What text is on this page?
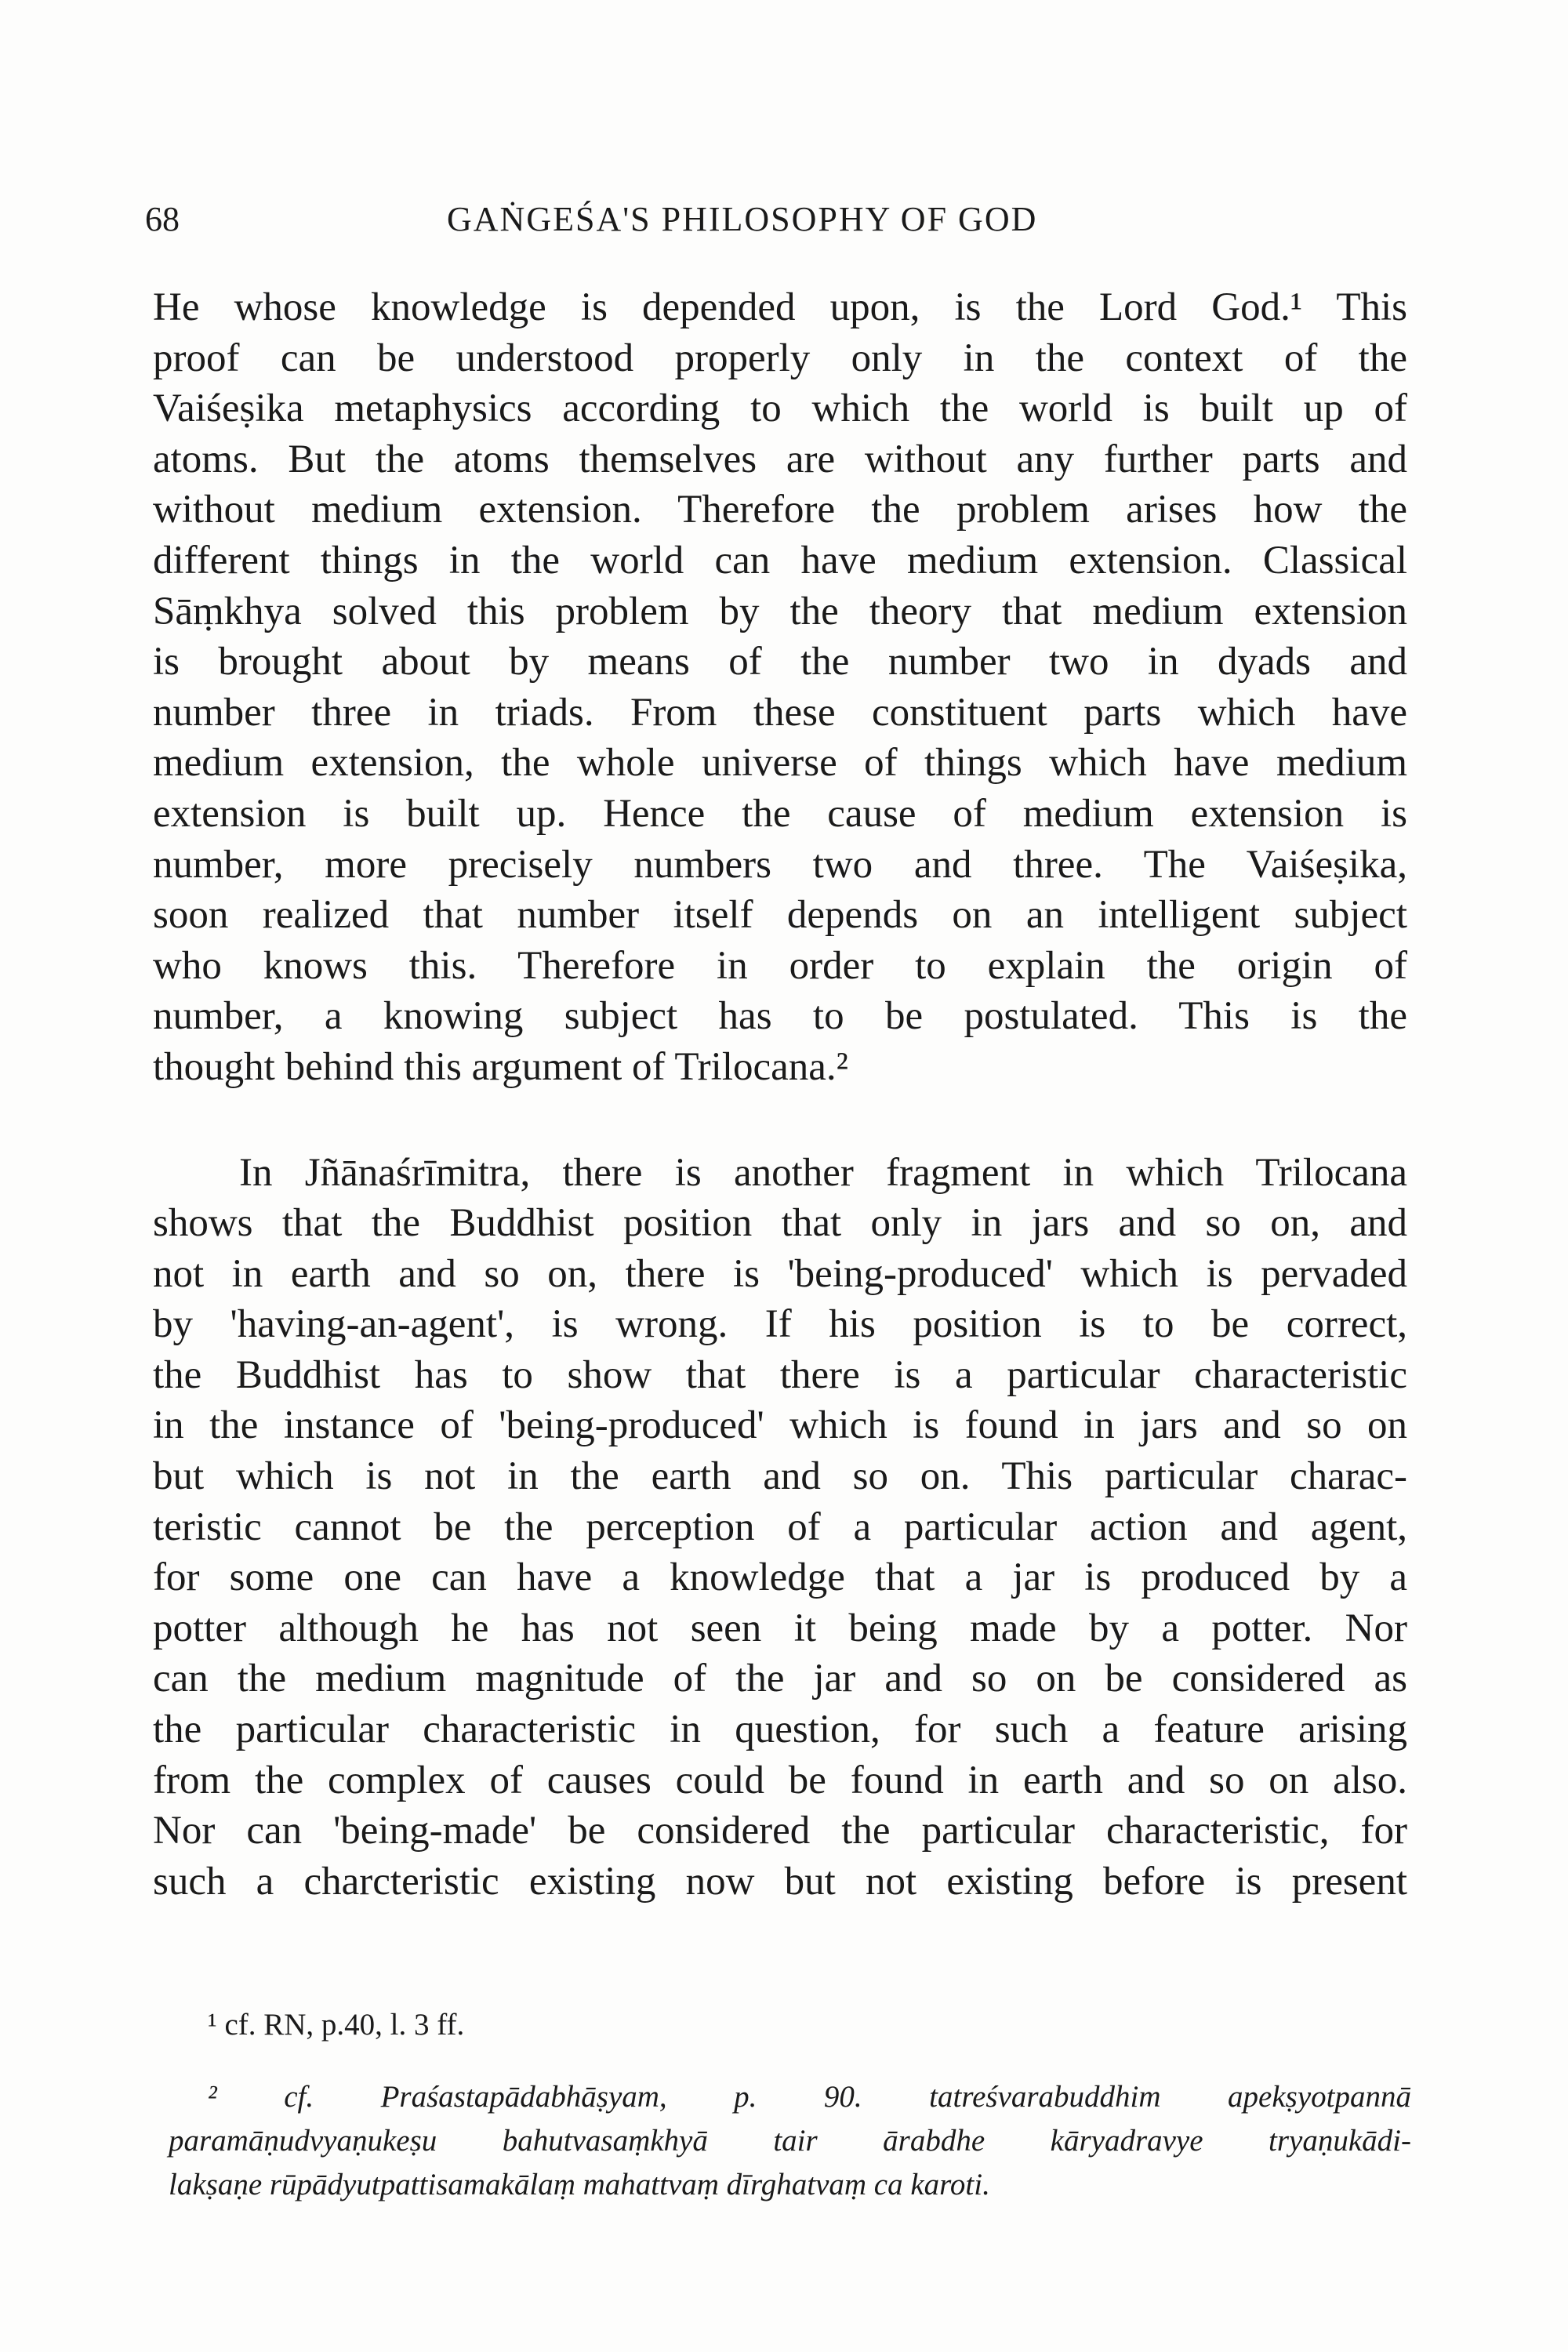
68	GAṄGEŚA'S PHILOSOPHY OF GOD
He whose knowledge is depended upon, is the Lord God.¹ This
proof can be understood properly only in the context of the
Vaiśeṣika metaphysics according to which the world is built up of
atoms. But the atoms themselves are without any further parts and
without medium extension. Therefore the problem arises how the
different things in the world can have medium extension. Classical
Sāṃkhya solved this problem by the theory that medium extension
is brought about by means of the number two in dyads and
number three in triads. From these constituent parts which have
medium extension, the whole universe of things which have medium
extension is built up. Hence the cause of medium extension is
number, more precisely numbers two and three. The Vaiśeṣika,
soon realized that number itself depends on an intelligent subject
who knows this. Therefore in order to explain the origin of
number, a knowing subject has to be postulated. This is the
thought behind this argument of Trilocana.²
In Jñānaśrīmitra, there is another fragment in which Trilocana
shows that the Buddhist position that only in jars and so on, and
not in earth and so on, there is 'being-produced' which is pervaded
by 'having-an-agent', is wrong. If his position is to be correct,
the Buddhist has to show that there is a particular characteristic
in the instance of 'being-produced' which is found in jars and so on
but which is not in the earth and so on. This particular charac-
teristic cannot be the perception of a particular action and agent,
for some one can have a knowledge that a jar is produced by a
potter although he has not seen it being made by a potter. Nor
can the medium magnitude of the jar and so on be considered as
the particular characteristic in question, for such a feature arising
from the complex of causes could be found in earth and so on also.
Nor can 'being-made' be considered the particular characteristic, for
such a charcteristic existing now but not existing before is present
¹ cf. RN, p.40, l. 3 ff.
² cf. Praśastapādabhāṣyam, p. 90. tatreśvarabuddhim apekṣyotpannā
paramāṇudvyaṇukeṣu bahutvasaṃkhyā tair ārabdhe kāryadravye tryaṇukādi-
lakṣaṇe rūpādyutpattisamakālaṃ mahattvaṃ dīrghatvaṃ ca karoti.
